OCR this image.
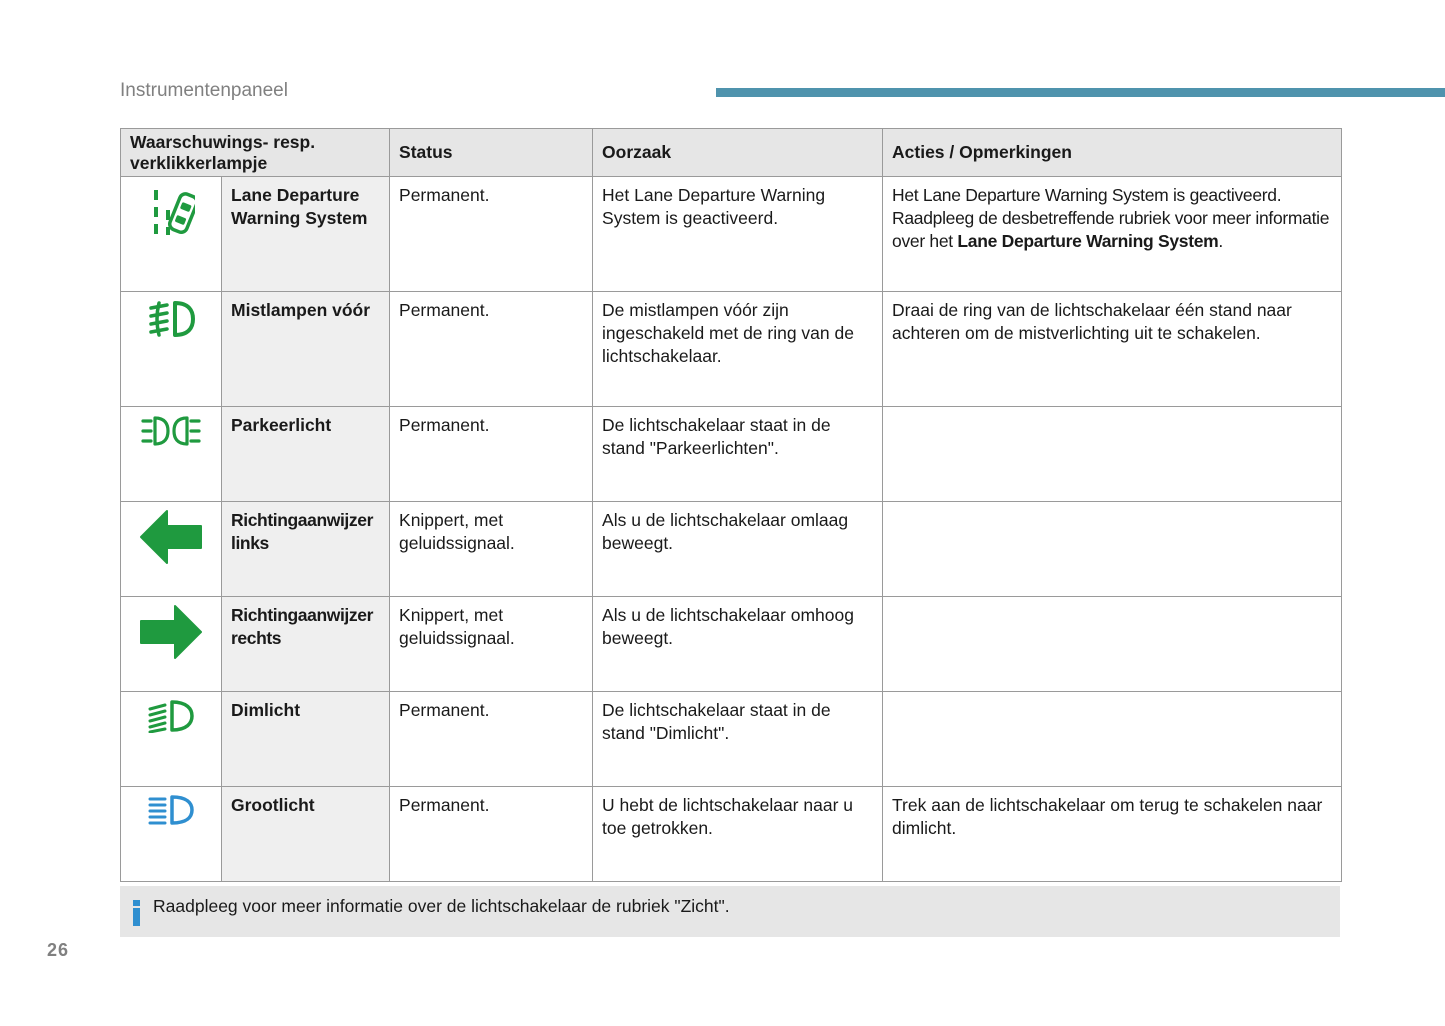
Instrumentenpaneel
Waarschuwings- resp. verklikkerlampje		Status	Oorzaak	Acties / Opmerkingen

	Lane Departure Warning System	Permanent.	Het Lane Departure Warning System is geactiveerd.	Het Lane Departure Warning System is geactiveerd. Raadpleeg de desbetreffende rubriek voor meer informatie over het Lane Departure Warning System.

	Mistlampen vóór	Permanent.	De mistlampen vóór zijn ingeschakeld met de ring van de lichtschakelaar.	Draai de ring van de lichtschakelaar één stand naar achteren om de mistverlichting uit te schakelen.

	Parkeerlicht	Permanent.	De lichtschakelaar staat in de stand "Parkeerlichten".	

	Richtingaanwijzer links	Knippert, met geluidssignaal.	Als u de lichtschakelaar omlaag beweegt.	

	Richtingaanwijzer rechts	Knippert, met geluidssignaal.	Als u de lichtschakelaar omhoog beweegt.	

	Dimlicht	Permanent.	De lichtschakelaar staat in de stand "Dimlicht".	

	Grootlicht	Permanent.	U hebt de lichtschakelaar naar u toe getrokken.	Trek aan de lichtschakelaar om terug te schakelen naar dimlicht.
Raadpleeg voor meer informatie over de lichtschakelaar de rubriek "Zicht".
26
